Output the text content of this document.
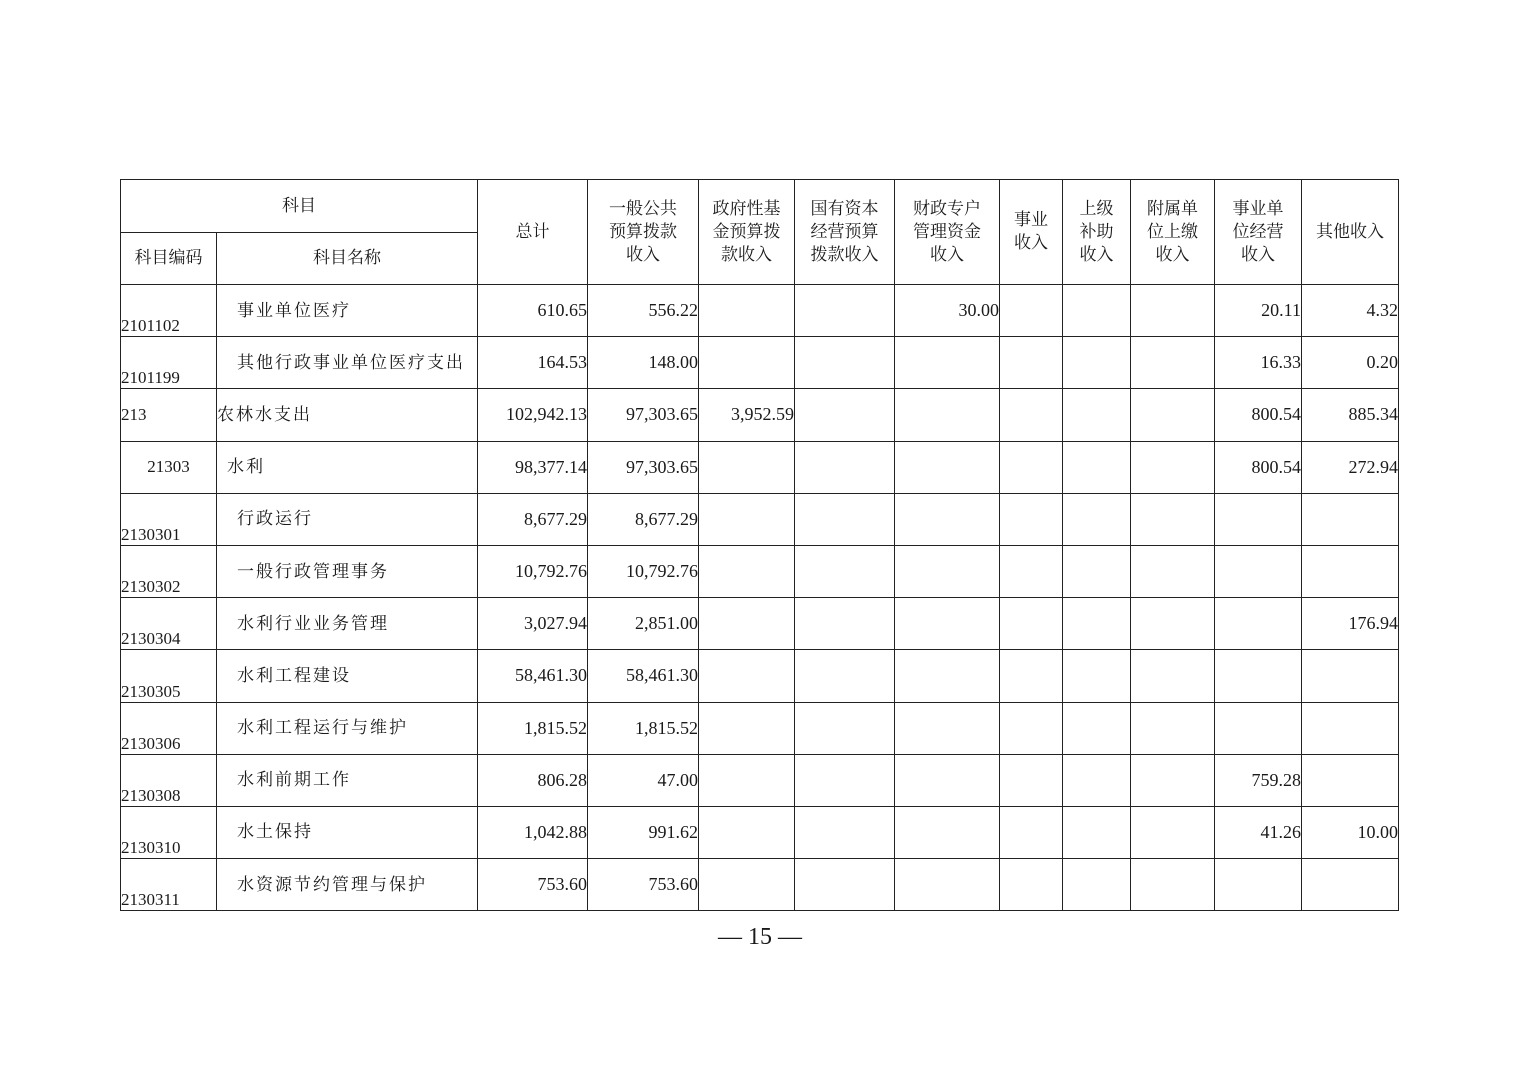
科目		总计	一般公共
预算拨款
收入	政府性基
金预算拨
款收入	国有资本
经营预算
拨款收入	财政专户
管理资金
收入	事业
收入	上级
补助
收入	附属单
位上缴
收入	事业单
位经营
收入	其他收入
科目编码	科目名称										
2101102	事业单位医疗	610.65	556.22			30.00				20.11	4.32
2101199	其他行政事业单位医疗支出	164.53	148.00							16.33	0.20
213	农林水支出	102,942.13	97,303.65	3,952.59						800.54	885.34
21303	水利	98,377.14	97,303.65							800.54	272.94
2130301	行政运行	8,677.29	8,677.29								
2130302	一般行政管理事务	10,792.76	10,792.76								
2130304	水利行业业务管理	3,027.94	2,851.00								176.94
2130305	水利工程建设	58,461.30	58,461.30								
2130306	水利工程运行与维护	1,815.52	1,815.52								
2130308	水利前期工作	806.28	47.00							759.28	
2130310	水土保持	1,042.88	991.62							41.26	10.00
2130311	水资源节约管理与保护	753.60	753.60								
— 15 —
